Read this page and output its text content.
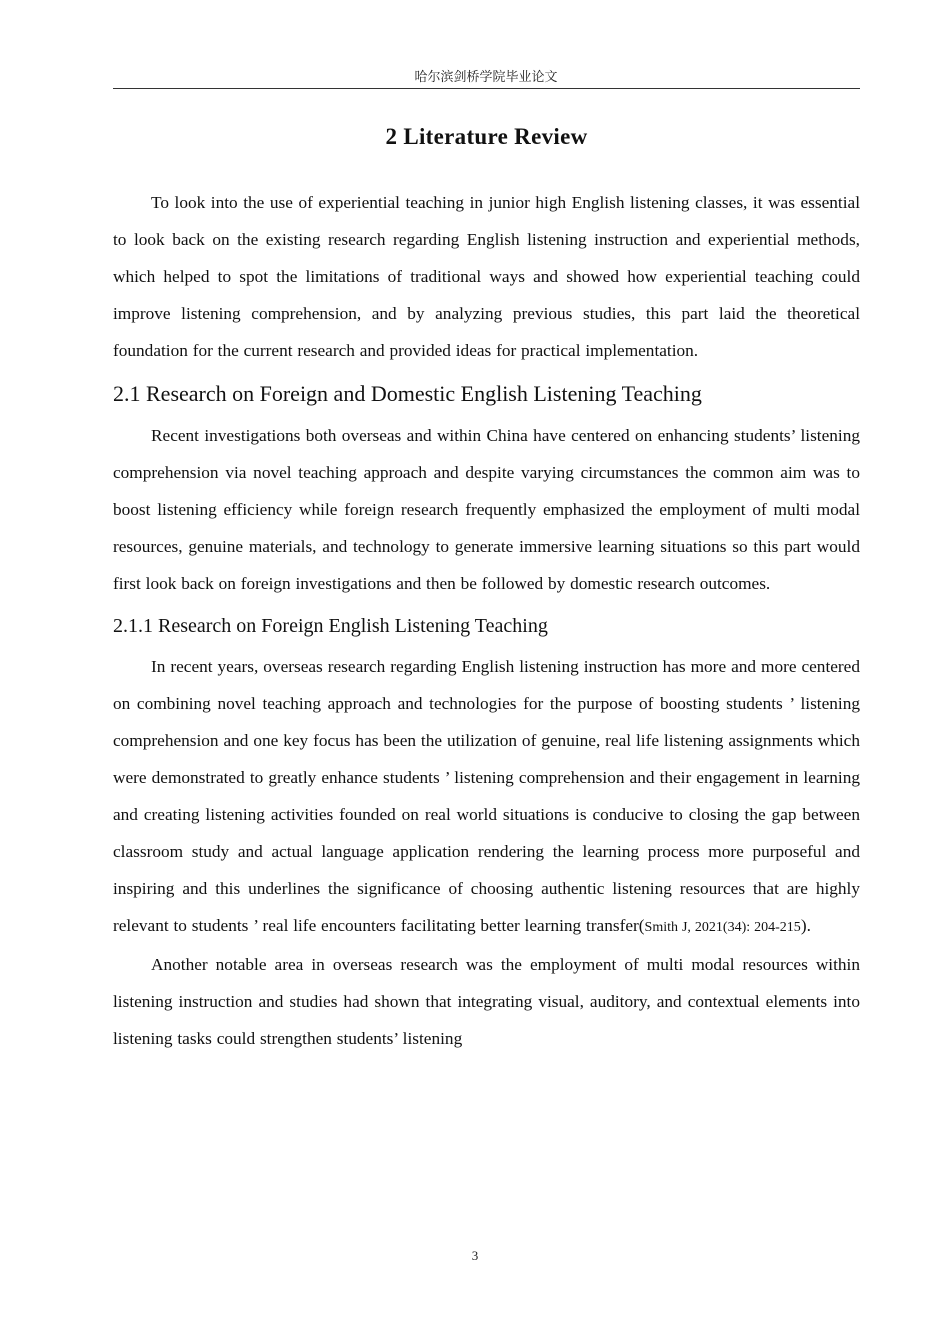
哈尔滨剑桥学院毕业论文
2 Literature Review

To look into the use of experiential teaching in junior high English listening classes, it was essential to look back on the existing research regarding English listening instruction and experiential methods, which helped to spot the limitations of traditional ways and showed how experiential teaching could improve listening comprehension, and by analyzing previous studies, this part laid the theoretical foundation for the current research and provided ideas for practical implementation.

2.1 Research on Foreign and Domestic English Listening Teaching

Recent investigations both overseas and within China have centered on enhancing students’ listening comprehension via novel teaching approach and despite varying circumstances the common aim was to boost listening efficiency while foreign research frequently emphasized the employment of multi modal resources, genuine materials, and technology to generate immersive learning situations so this part would first look back on foreign investigations and then be followed by domestic research outcomes.

2.1.1 Research on Foreign English Listening Teaching

In recent years, overseas research regarding English listening instruction has more and more centered on combining novel teaching approach and technologies for the purpose of boosting students ’ listening comprehension and one key focus has been the utilization of genuine, real life listening assignments which were demonstrated to greatly enhance students ’ listening comprehension and their engagement in learning and creating listening activities founded on real world situations is conducive to closing the gap between classroom study and actual language application rendering the learning process more purposeful and inspiring and this underlines the significance of choosing authentic listening resources that are highly relevant to students ’ real life encounters facilitating better learning transfer(Smith J, 2021(34): 204-215).

Another notable area in overseas research was the employment of multi modal resources within listening instruction and studies had shown that integrating visual, auditory, and contextual elements into listening tasks could strengthen students’ listening

3
